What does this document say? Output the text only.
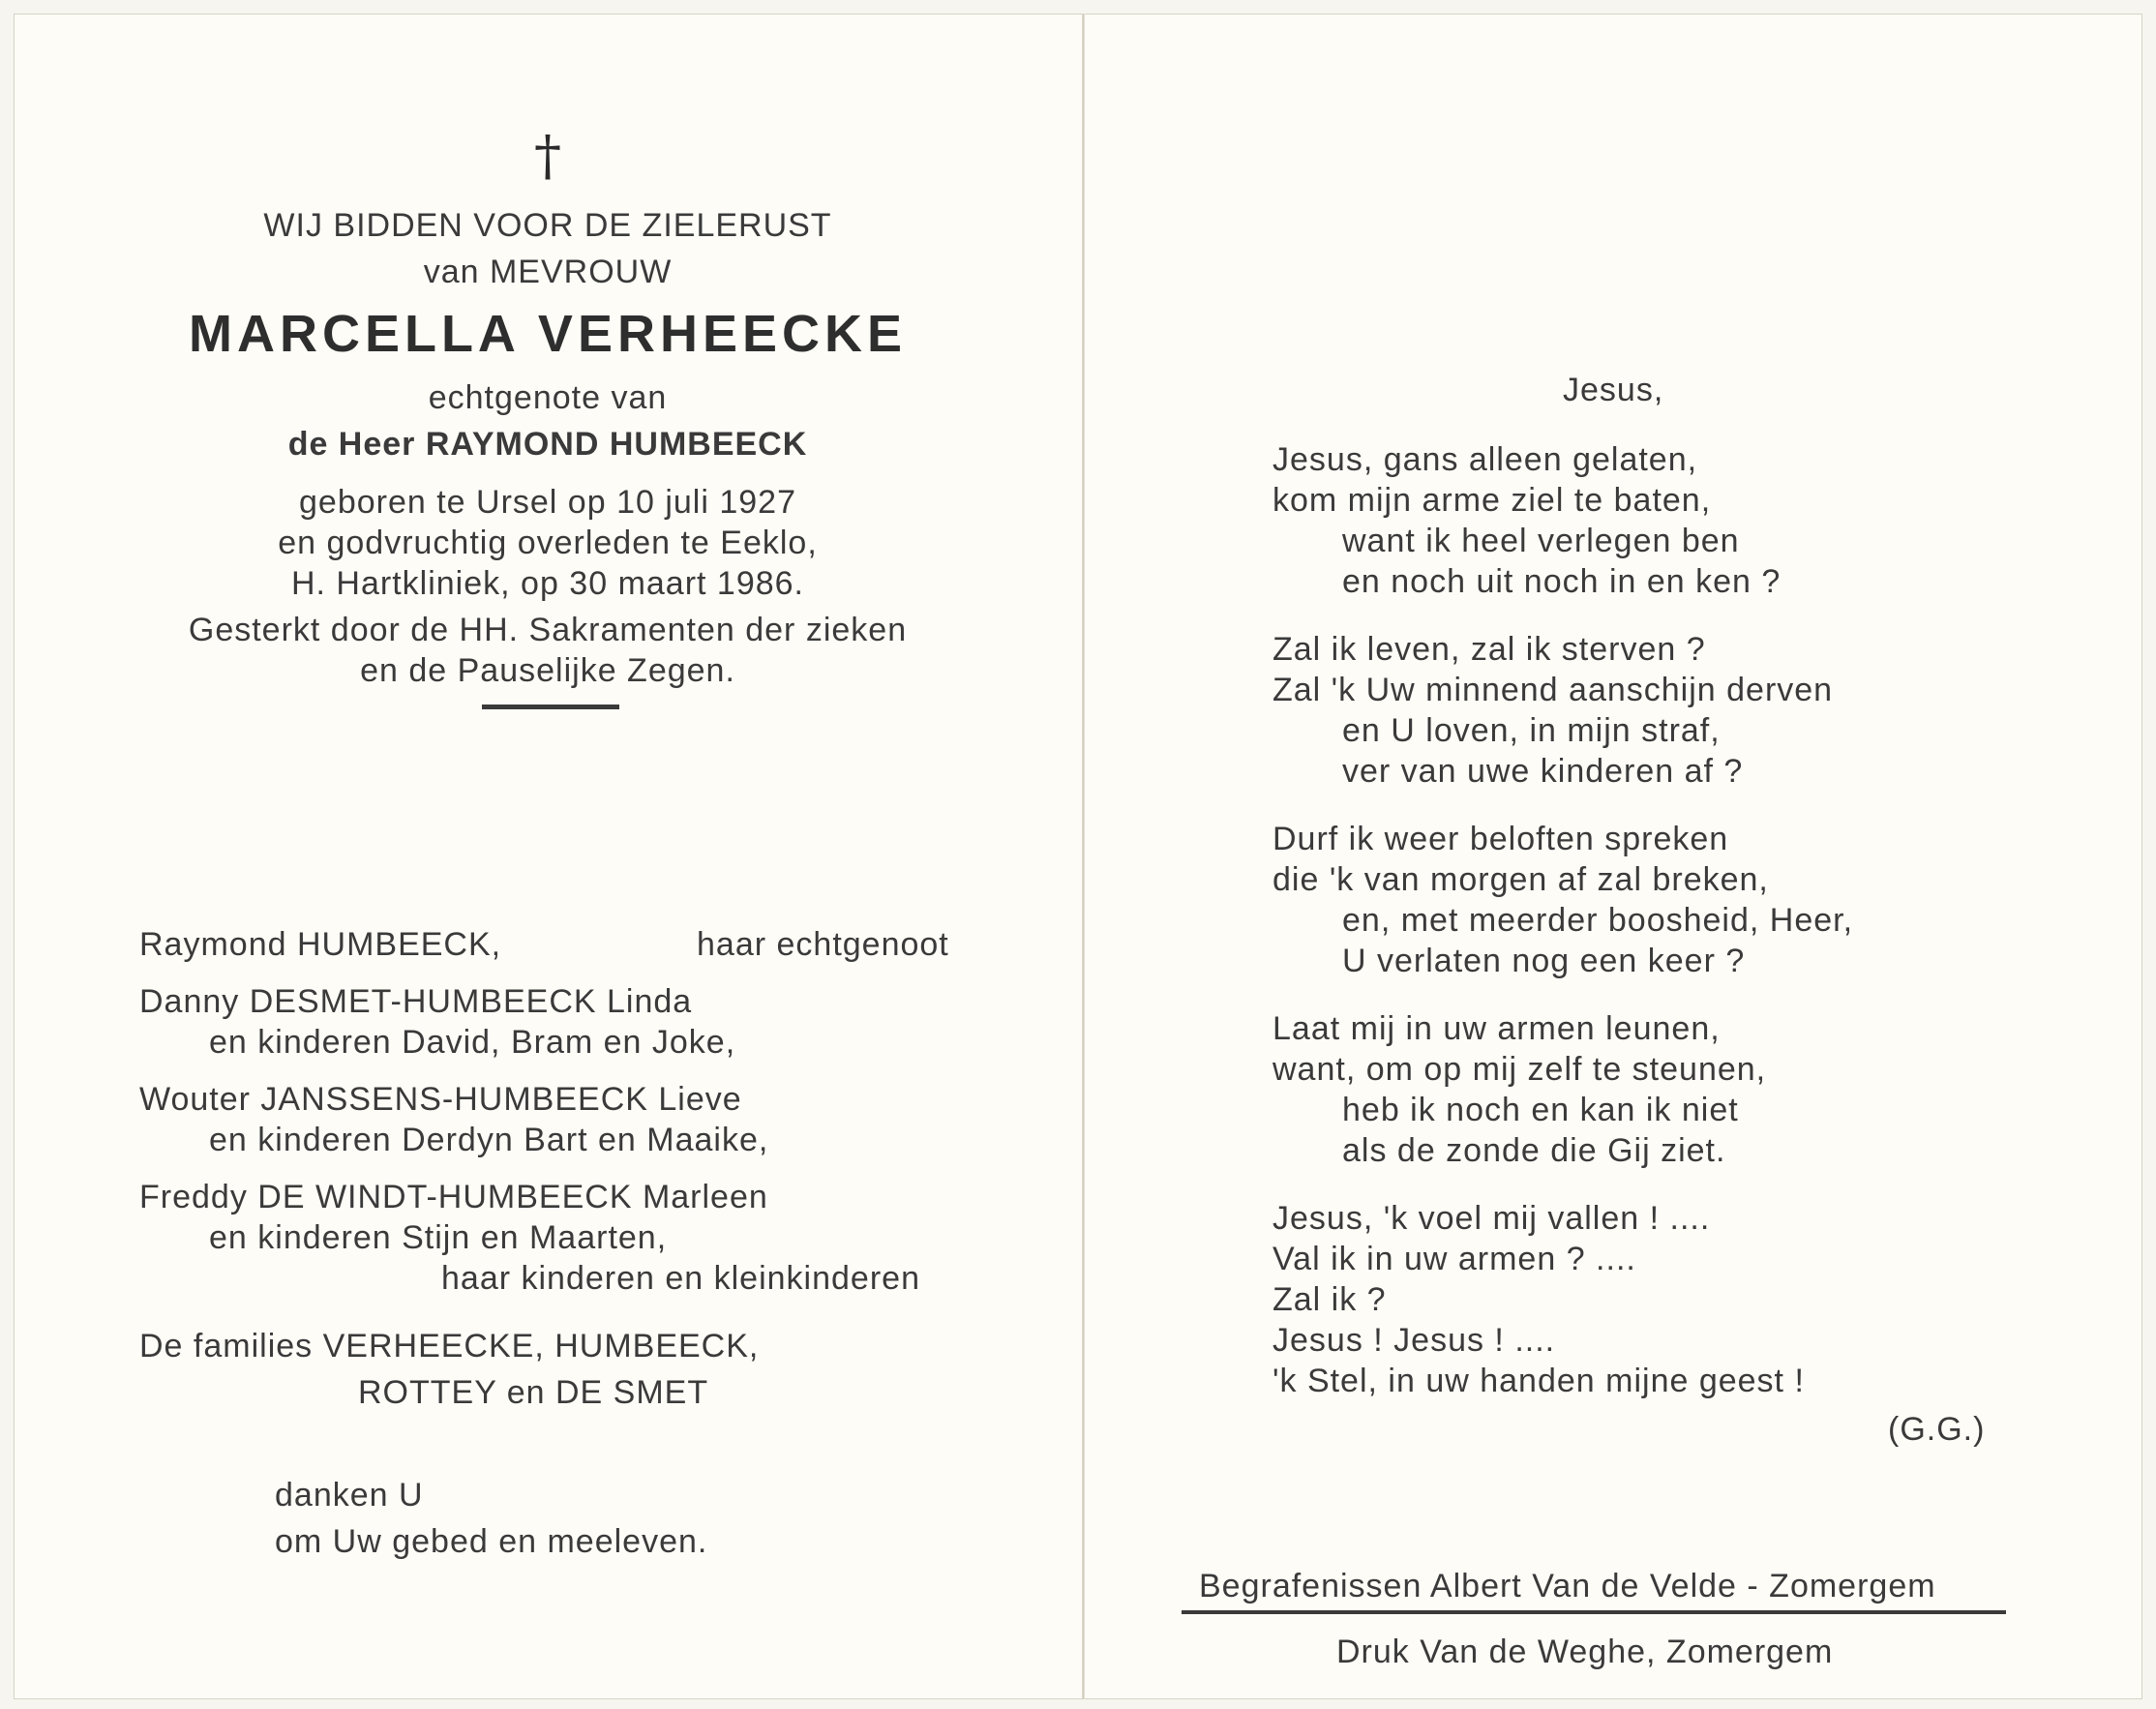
†
WIJ BIDDEN VOOR DE ZIELERUST
van MEVROUW
MARCELLA VERHEECKE
echtgenote van
de Heer RAYMOND HUMBEECK
geboren te Ursel op 10 juli 1927
en godvruchtig overleden te Eeklo,
H. Hartkliniek, op 30 maart 1986.
Gesterkt door de HH. Sakramenten der zieken
en de Pauselijke Zegen.
Raymond HUMBEECK,	haar echtgenoot
Danny DESMET-HUMBEECK Linda
en kinderen David, Bram en Joke,
Wouter JANSSENS-HUMBEECK Lieve
en kinderen Derdyn Bart en Maaike,
Freddy DE WINDT-HUMBEECK Marleen
en kinderen Stijn en Maarten,
haar kinderen en kleinkinderen
De families VERHEECKE, HUMBEECK,
ROTTEY en DE SMET
danken U
om Uw gebed en meeleven.
Jesus,
Jesus, gans alleen gelaten,
kom mijn arme ziel te baten,
want ik heel verlegen ben
en noch uit noch in en ken ?
Zal ik leven, zal ik sterven ?
Zal 'k Uw minnend aanschijn derven
en U loven, in mijn straf,
ver van uwe kinderen af ?
Durf ik weer beloften spreken
die 'k van morgen af zal breken,
en, met meerder boosheid, Heer,
U verlaten nog een keer ?
Laat mij in uw armen leunen,
want, om op mij zelf te steunen,
heb ik noch en kan ik niet
als de zonde die Gij ziet.
Jesus, 'k voel mij vallen ! ....
Val ik in uw armen ? ....
Zal ik ?
Jesus ! Jesus ! ....
'k Stel, in uw handen mijne geest !
(G.G.)
Begrafenissen Albert Van de Velde - Zomergem
Druk Van de Weghe, Zomergem
